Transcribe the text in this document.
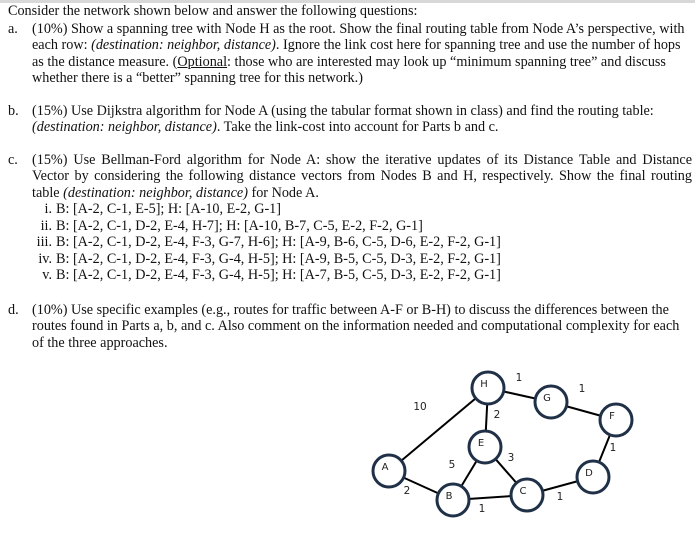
Consider the network shown below and answer the following questions:

a. (10%) Show a spanning tree with Node H as the root. Show the final routing table from Node A’s perspective, with each row: (destination: neighbor, distance). Ignore the link cost here for spanning tree and use the number of hops as the distance measure. (Optional: those who are interested may look up “minimum spanning tree” and discuss whether there is a “better” spanning tree for this network.)

b. (15%) Use Dijkstra algorithm for Node A (using the tabular format shown in class) and find the routing table: (destination: neighbor, distance). Take the link-cost into account for Parts b and c.

c. (15%) Use Bellman-Ford algorithm for Node A: show the iterative updates of its Distance Table and Distance Vector by considering the following distance vectors from Nodes B and H, respectively. Show the final routing table (destination: neighbor, distance) for Node A.

i. B: [A-2, C-1, E-5]; H: [A-10, E-2, G-1]
ii. B: [A-2, C-1, D-2, E-4, H-7]; H: [A-10, B-7, C-5, E-2, F-2, G-1]
iii. B: [A-2, C-1, D-2, E-4, F-3, G-7, H-6]; H: [A-9, B-6, C-5, D-6, E-2, F-2, G-1]
iv. B: [A-2, C-1, D-2, E-4, F-3, G-4, H-5]; H: [A-9, B-5, C-5, D-3, E-2, F-2, G-1]
v. B: [A-2, C-1, D-2, E-4, F-3, G-4, H-5]; H: [A-7, B-5, C-5, D-3, E-2, F-2, G-1]
d. (10%) Use specific examples (e.g., routes for traffic between A-F or B-H) to discuss the differences between the routes found in Parts a, b, and c. Also comment on the information needed and computational complexity for each of the three approaches.

10
2
5
1
2
3
1
1
1
1
A
B	C
D
E
F
G
H
